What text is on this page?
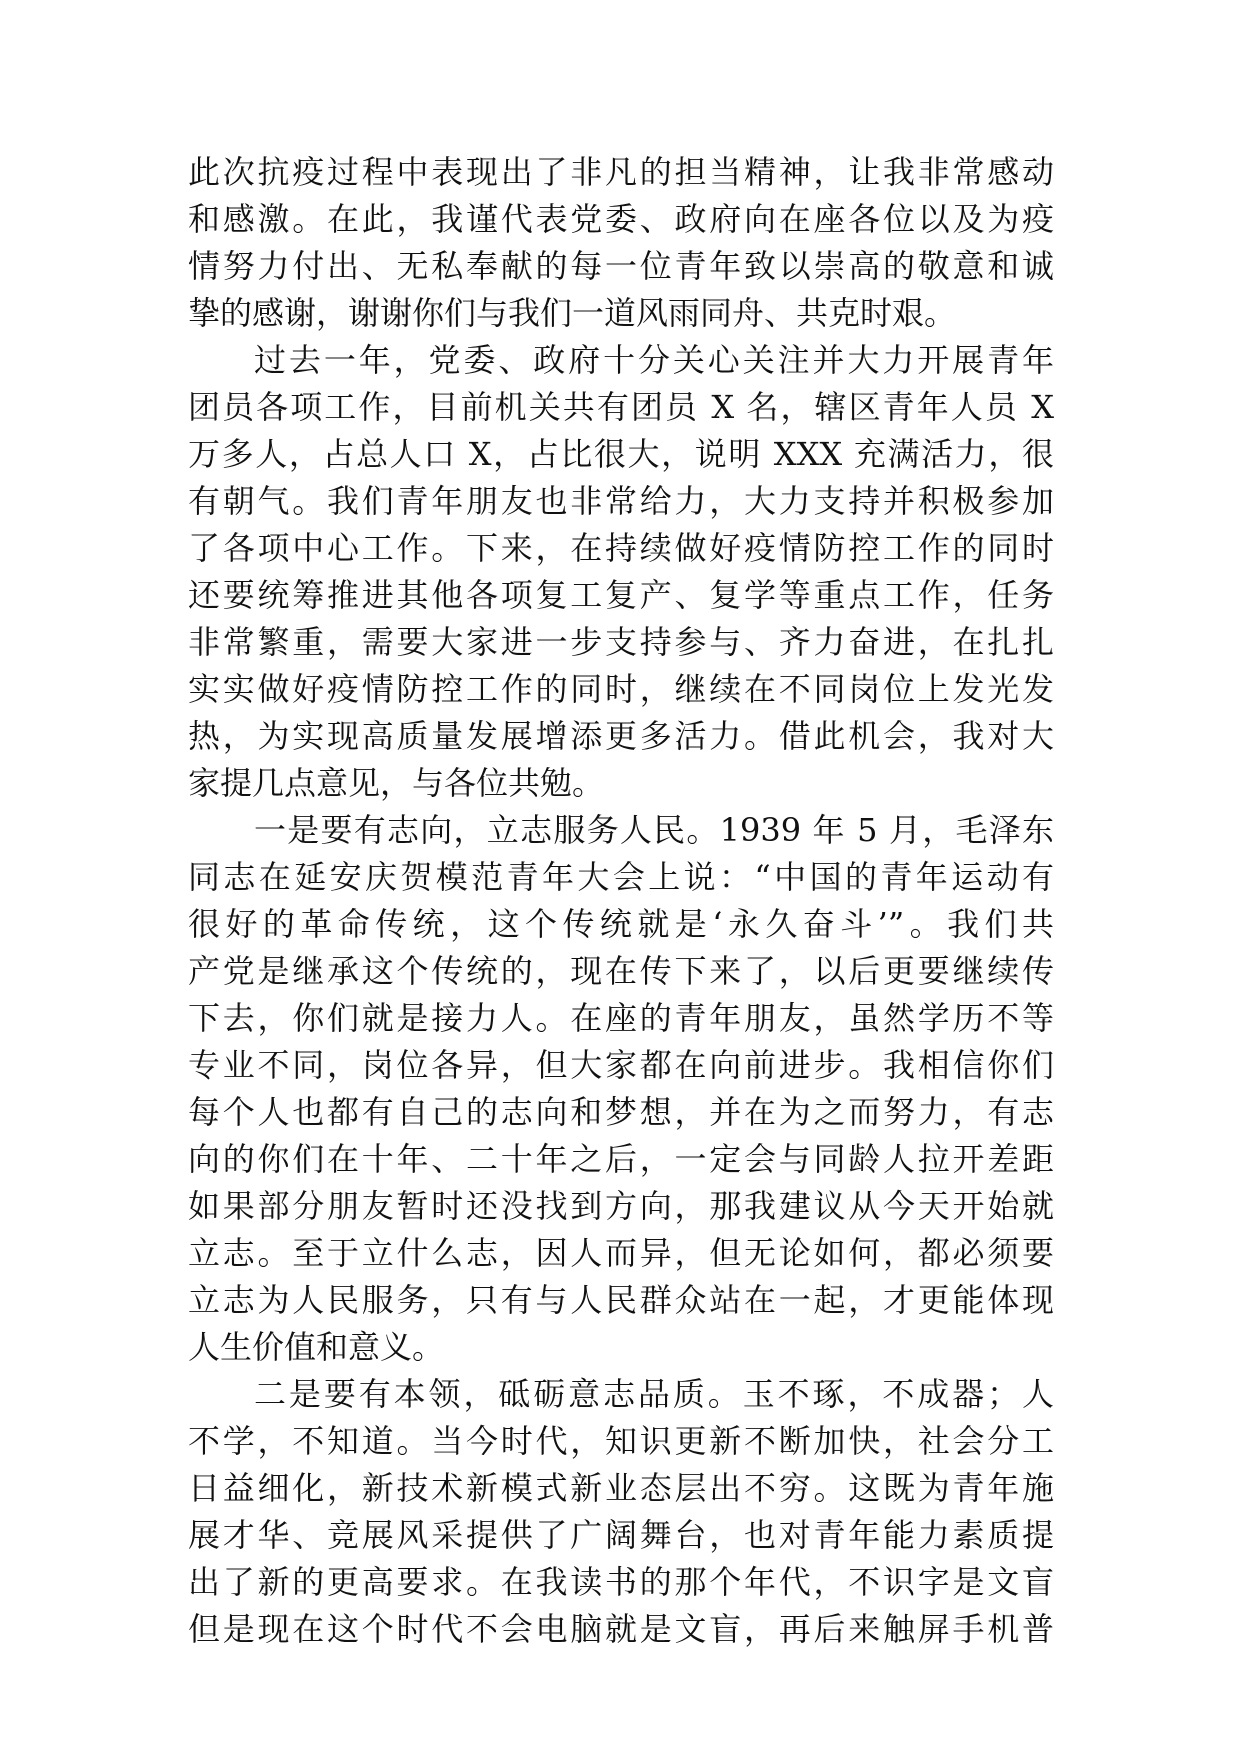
此次抗疫过程中表现出了非凡的担当精神，让我非常感动
和感激。在此，我谨代表党委、政府向在座各位以及为疫
情努力付出、无私奉献的每一位青年致以崇高的敬意和诚
挚的感谢，谢谢你们与我们一道风雨同舟、共克时艰。
过去一年，党委、政府十分关心关注并大力开展青年
团员各项工作，目前机关共有团员 X 名，辖区青年人员 X
万多人，占总人口 X，占比很大，说明 XXX 充满活力，很
有朝气。我们青年朋友也非常给力，大力支持并积极参加
了各项中心工作。下来，在持续做好疫情防控工作的同时
还要统筹推进其他各项复工复产、复学等重点工作，任务
非常繁重，需要大家进一步支持参与、齐力奋进，在扎扎
实实做好疫情防控工作的同时，继续在不同岗位上发光发
热，为实现高质量发展增添更多活力。借此机会，我对大
家提几点意见，与各位共勉。
一是要有志向，立志服务人民。1939 年 5 月，毛泽东
同志在延安庆贺模范青年大会上说：“中国的青年运动有
很好的革命传统，这个传统就是‘永久奋斗’”。我们共
产党是继承这个传统的，现在传下来了，以后更要继续传
下去，你们就是接力人。在座的青年朋友，虽然学历不等
专业不同，岗位各异，但大家都在向前进步。我相信你们
每个人也都有自己的志向和梦想，并在为之而努力，有志
向的你们在十年、二十年之后，一定会与同龄人拉开差距
如果部分朋友暂时还没找到方向，那我建议从今天开始就
立志。至于立什么志，因人而异，但无论如何，都必须要
立志为人民服务，只有与人民群众站在一起，才更能体现
人生价值和意义。
二是要有本领，砥砺意志品质。玉不琢，不成器；人
不学，不知道。当今时代，知识更新不断加快，社会分工
日益细化，新技术新模式新业态层出不穷。这既为青年施
展才华、竞展风采提供了广阔舞台，也对青年能力素质提
出了新的更高要求。在我读书的那个年代，不识字是文盲
但是现在这个时代不会电脑就是文盲，再后来触屏手机普
